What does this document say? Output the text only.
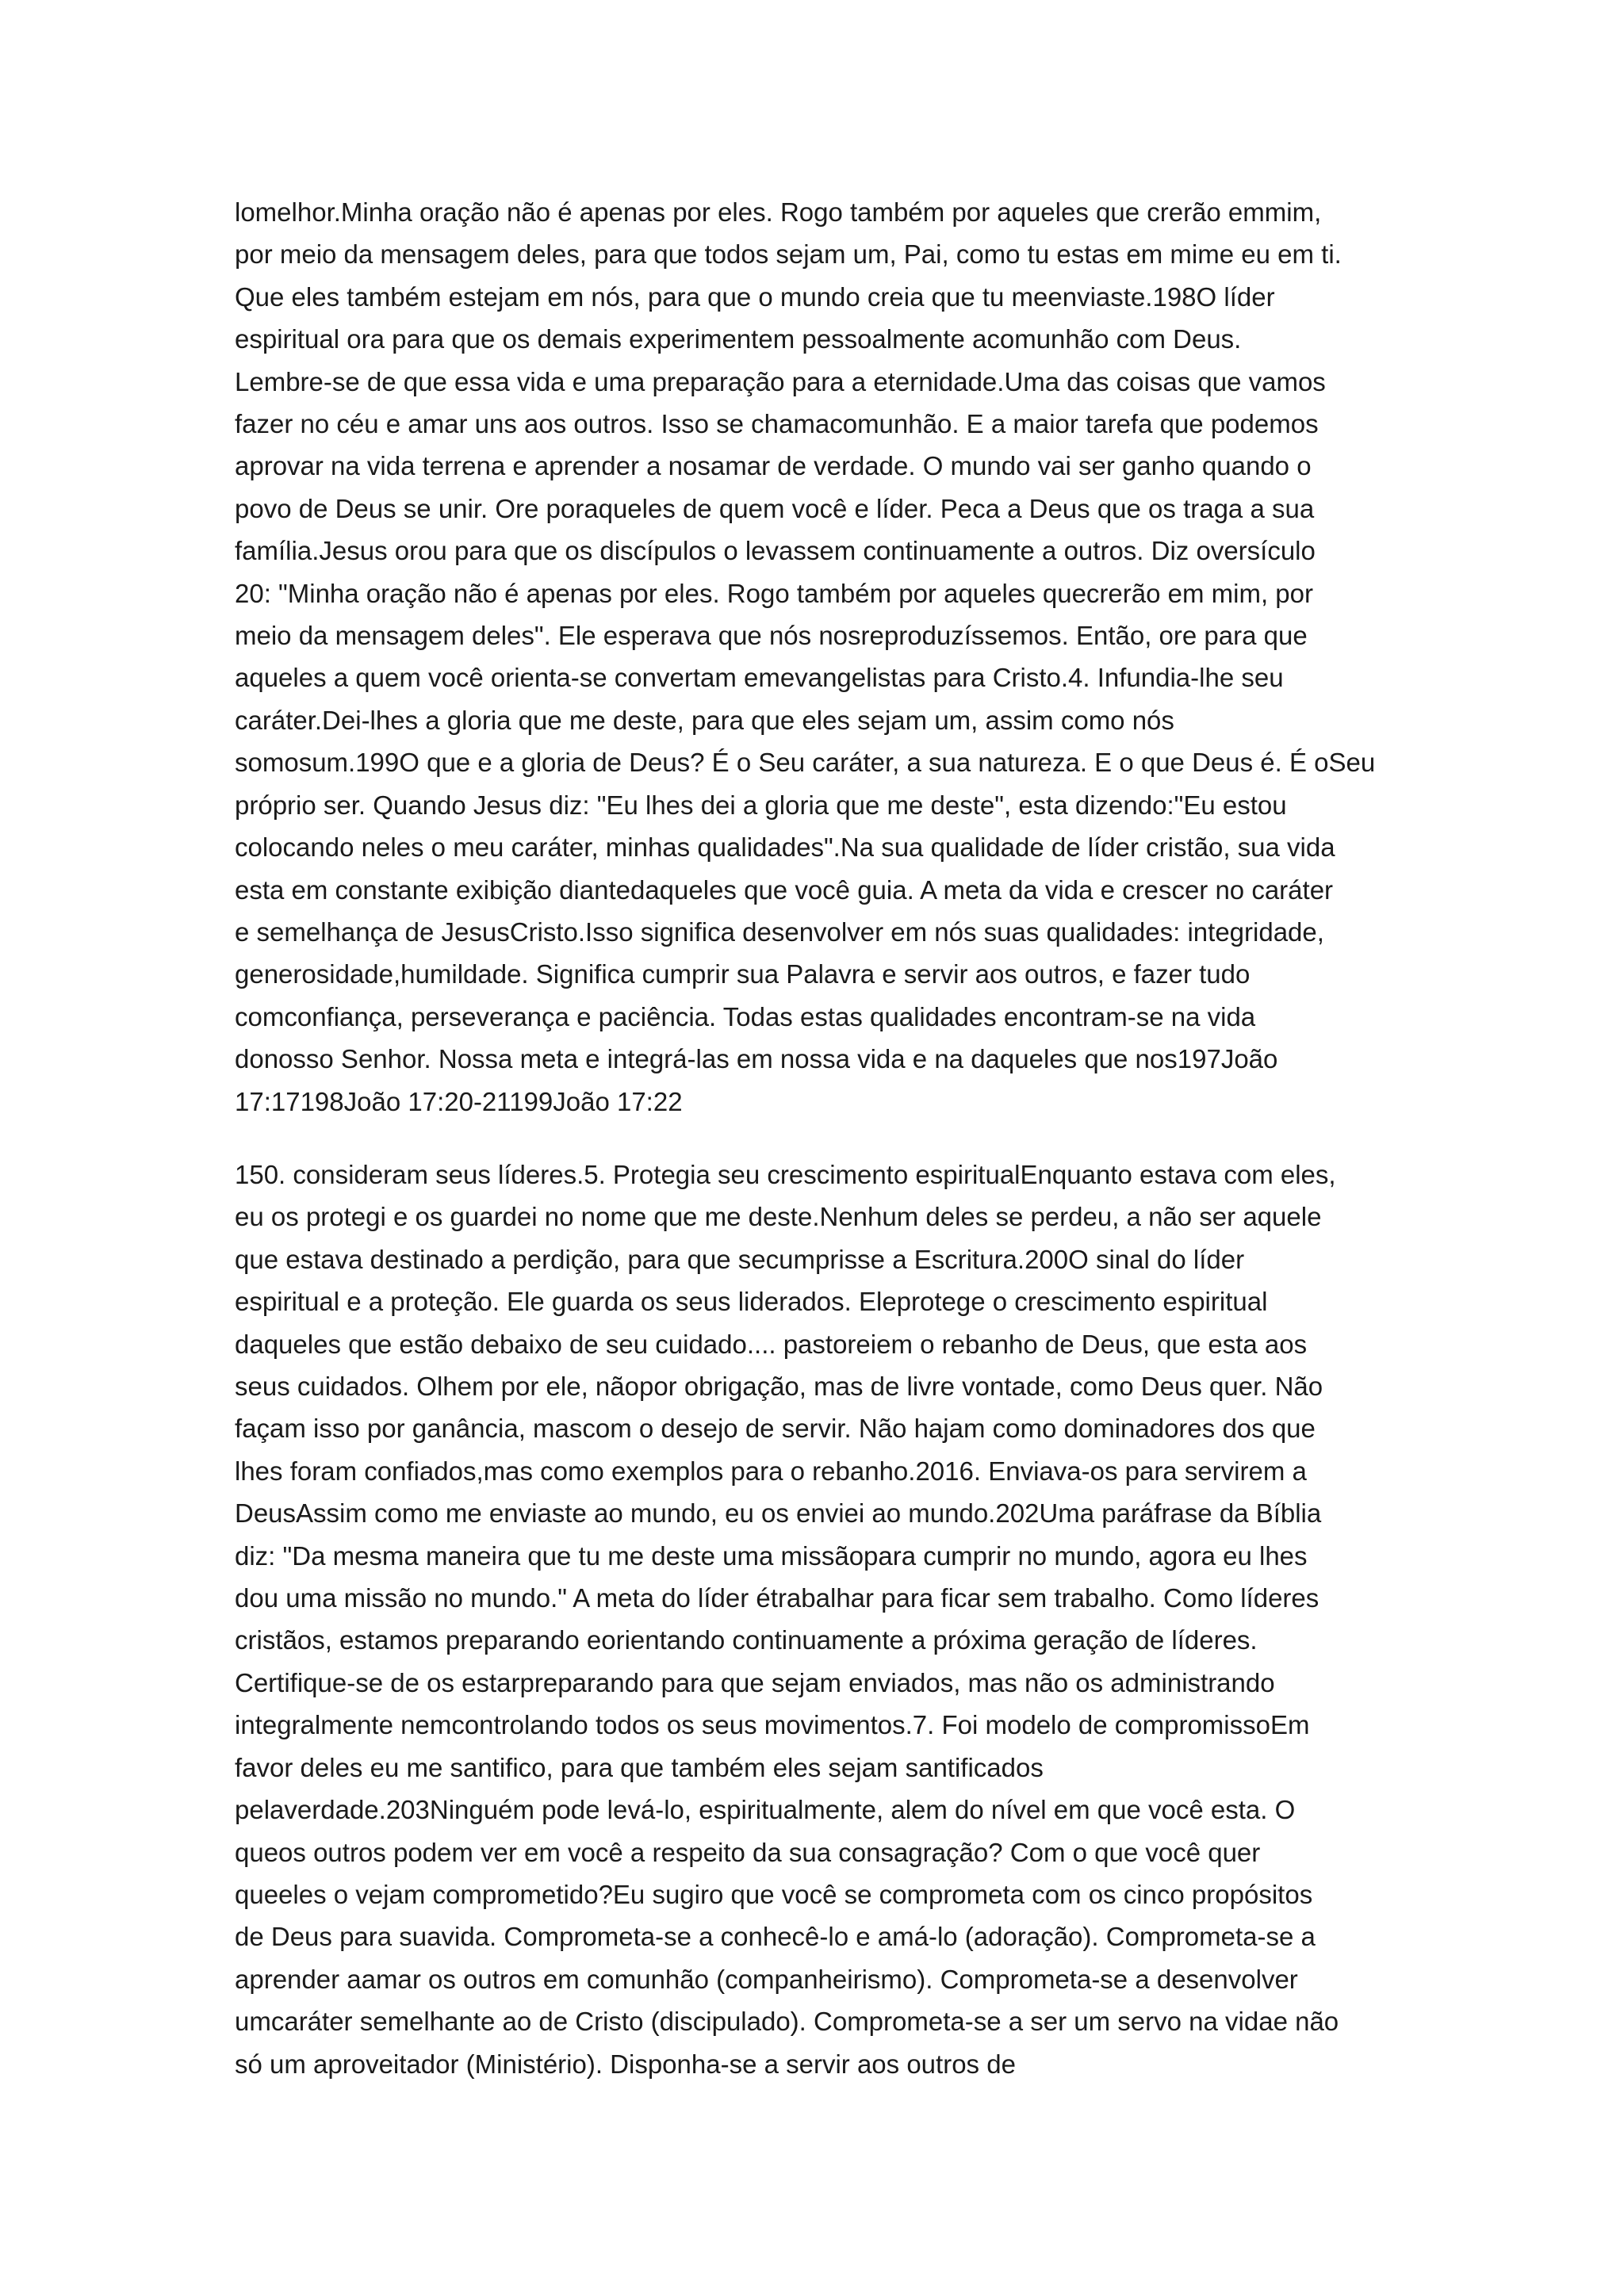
lomelhor.Minha oração não é apenas por eles. Rogo também por aqueles que crerão emmim,
por meio da mensagem deles, para que todos sejam um, Pai, como tu estas em mime eu em ti.
Que eles também estejam em nós, para que o mundo creia que tu meenviaste.198O líder
espiritual ora para que os demais experimentem pessoalmente acomunhão com Deus.
Lembre-se de que essa vida e uma preparação para a eternidade.Uma das coisas que vamos
fazer no céu e amar uns aos outros. Isso se chamacomunhão. E a maior tarefa que podemos
aprovar na vida terrena e aprender a nosamar de verdade. O mundo vai ser ganho quando o
povo de Deus se unir. Ore poraqueles de quem você e líder. Peca a Deus que os traga a sua
família.Jesus orou para que os discípulos o levassem continuamente a outros. Diz oversículo
20: "Minha oração não é apenas por eles. Rogo também por aqueles quecrerão em mim, por
meio da mensagem deles". Ele esperava que nós nosreproduzíssemos. Então, ore para que
aqueles a quem você orienta-se convertam emevangelistas para Cristo.4. Infundia-lhe seu
caráter.Dei-lhes a gloria que me deste, para que eles sejam um, assim como nós
somosum.199O que e a gloria de Deus? É o Seu caráter, a sua natureza. E o que Deus é. É oSeu
próprio ser. Quando Jesus diz: "Eu lhes dei a gloria que me deste", esta dizendo:"Eu estou
colocando neles o meu caráter, minhas qualidades".Na sua qualidade de líder cristão, sua vida
esta em constante exibição diantedaqueles que você guia. A meta da vida e crescer no caráter
e semelhança de JesusCristo.Isso significa desenvolver em nós suas qualidades: integridade,
generosidade,humildade. Significa cumprir sua Palavra e servir aos outros, e fazer tudo
comconfiança, perseverança e paciência. Todas estas qualidades encontram-se na vida
donosso Senhor. Nossa meta e integrá-las em nossa vida e na daqueles que nos197João
17:17198João 17:20-21199João 17:22

150. consideram seus líderes.5. Protegia seu crescimento espiritualEnquanto estava com eles,
eu os protegi e os guardei no nome que me deste.Nenhum deles se perdeu, a não ser aquele
que estava destinado a perdição, para que secumprisse a Escritura.200O sinal do líder
espiritual e a proteção. Ele guarda os seus liderados. Eleprotege o crescimento espiritual
daqueles que estão debaixo de seu cuidado.... pastoreiem o rebanho de Deus, que esta aos
seus cuidados. Olhem por ele, nãopor obrigação, mas de livre vontade, como Deus quer. Não
façam isso por ganância, mascom o desejo de servir. Não hajam como dominadores dos que
lhes foram confiados,mas como exemplos para o rebanho.2016. Enviava-os para servirem a
DeusAssim como me enviaste ao mundo, eu os enviei ao mundo.202Uma paráfrase da Bíblia
diz: "Da mesma maneira que tu me deste uma missãopara cumprir no mundo, agora eu lhes
dou uma missão no mundo." A meta do líder étrabalhar para ficar sem trabalho. Como líderes
cristãos, estamos preparando eorientando continuamente a próxima geração de líderes.
Certifique-se de os estarpreparando para que sejam enviados, mas não os administrando
integralmente nemcontrolando todos os seus movimentos.7. Foi modelo de compromissoEm
favor deles eu me santifico, para que também eles sejam santificados
pelaverdade.203Ninguém pode levá-lo, espiritualmente, alem do nível em que você esta. O
queos outros podem ver em você a respeito da sua consagração? Com o que você quer
queeles o vejam comprometido?Eu sugiro que você se comprometa com os cinco propósitos
de Deus para suavida. Comprometa-se a conhecê-lo e amá-lo (adoração). Comprometa-se a
aprender aamar os outros em comunhão (companheirismo). Comprometa-se a desenvolver
umcaráter semelhante ao de Cristo (discipulado). Comprometa-se a ser um servo na vidae não
só um aproveitador (Ministério). Disponha-se a servir aos outros de
